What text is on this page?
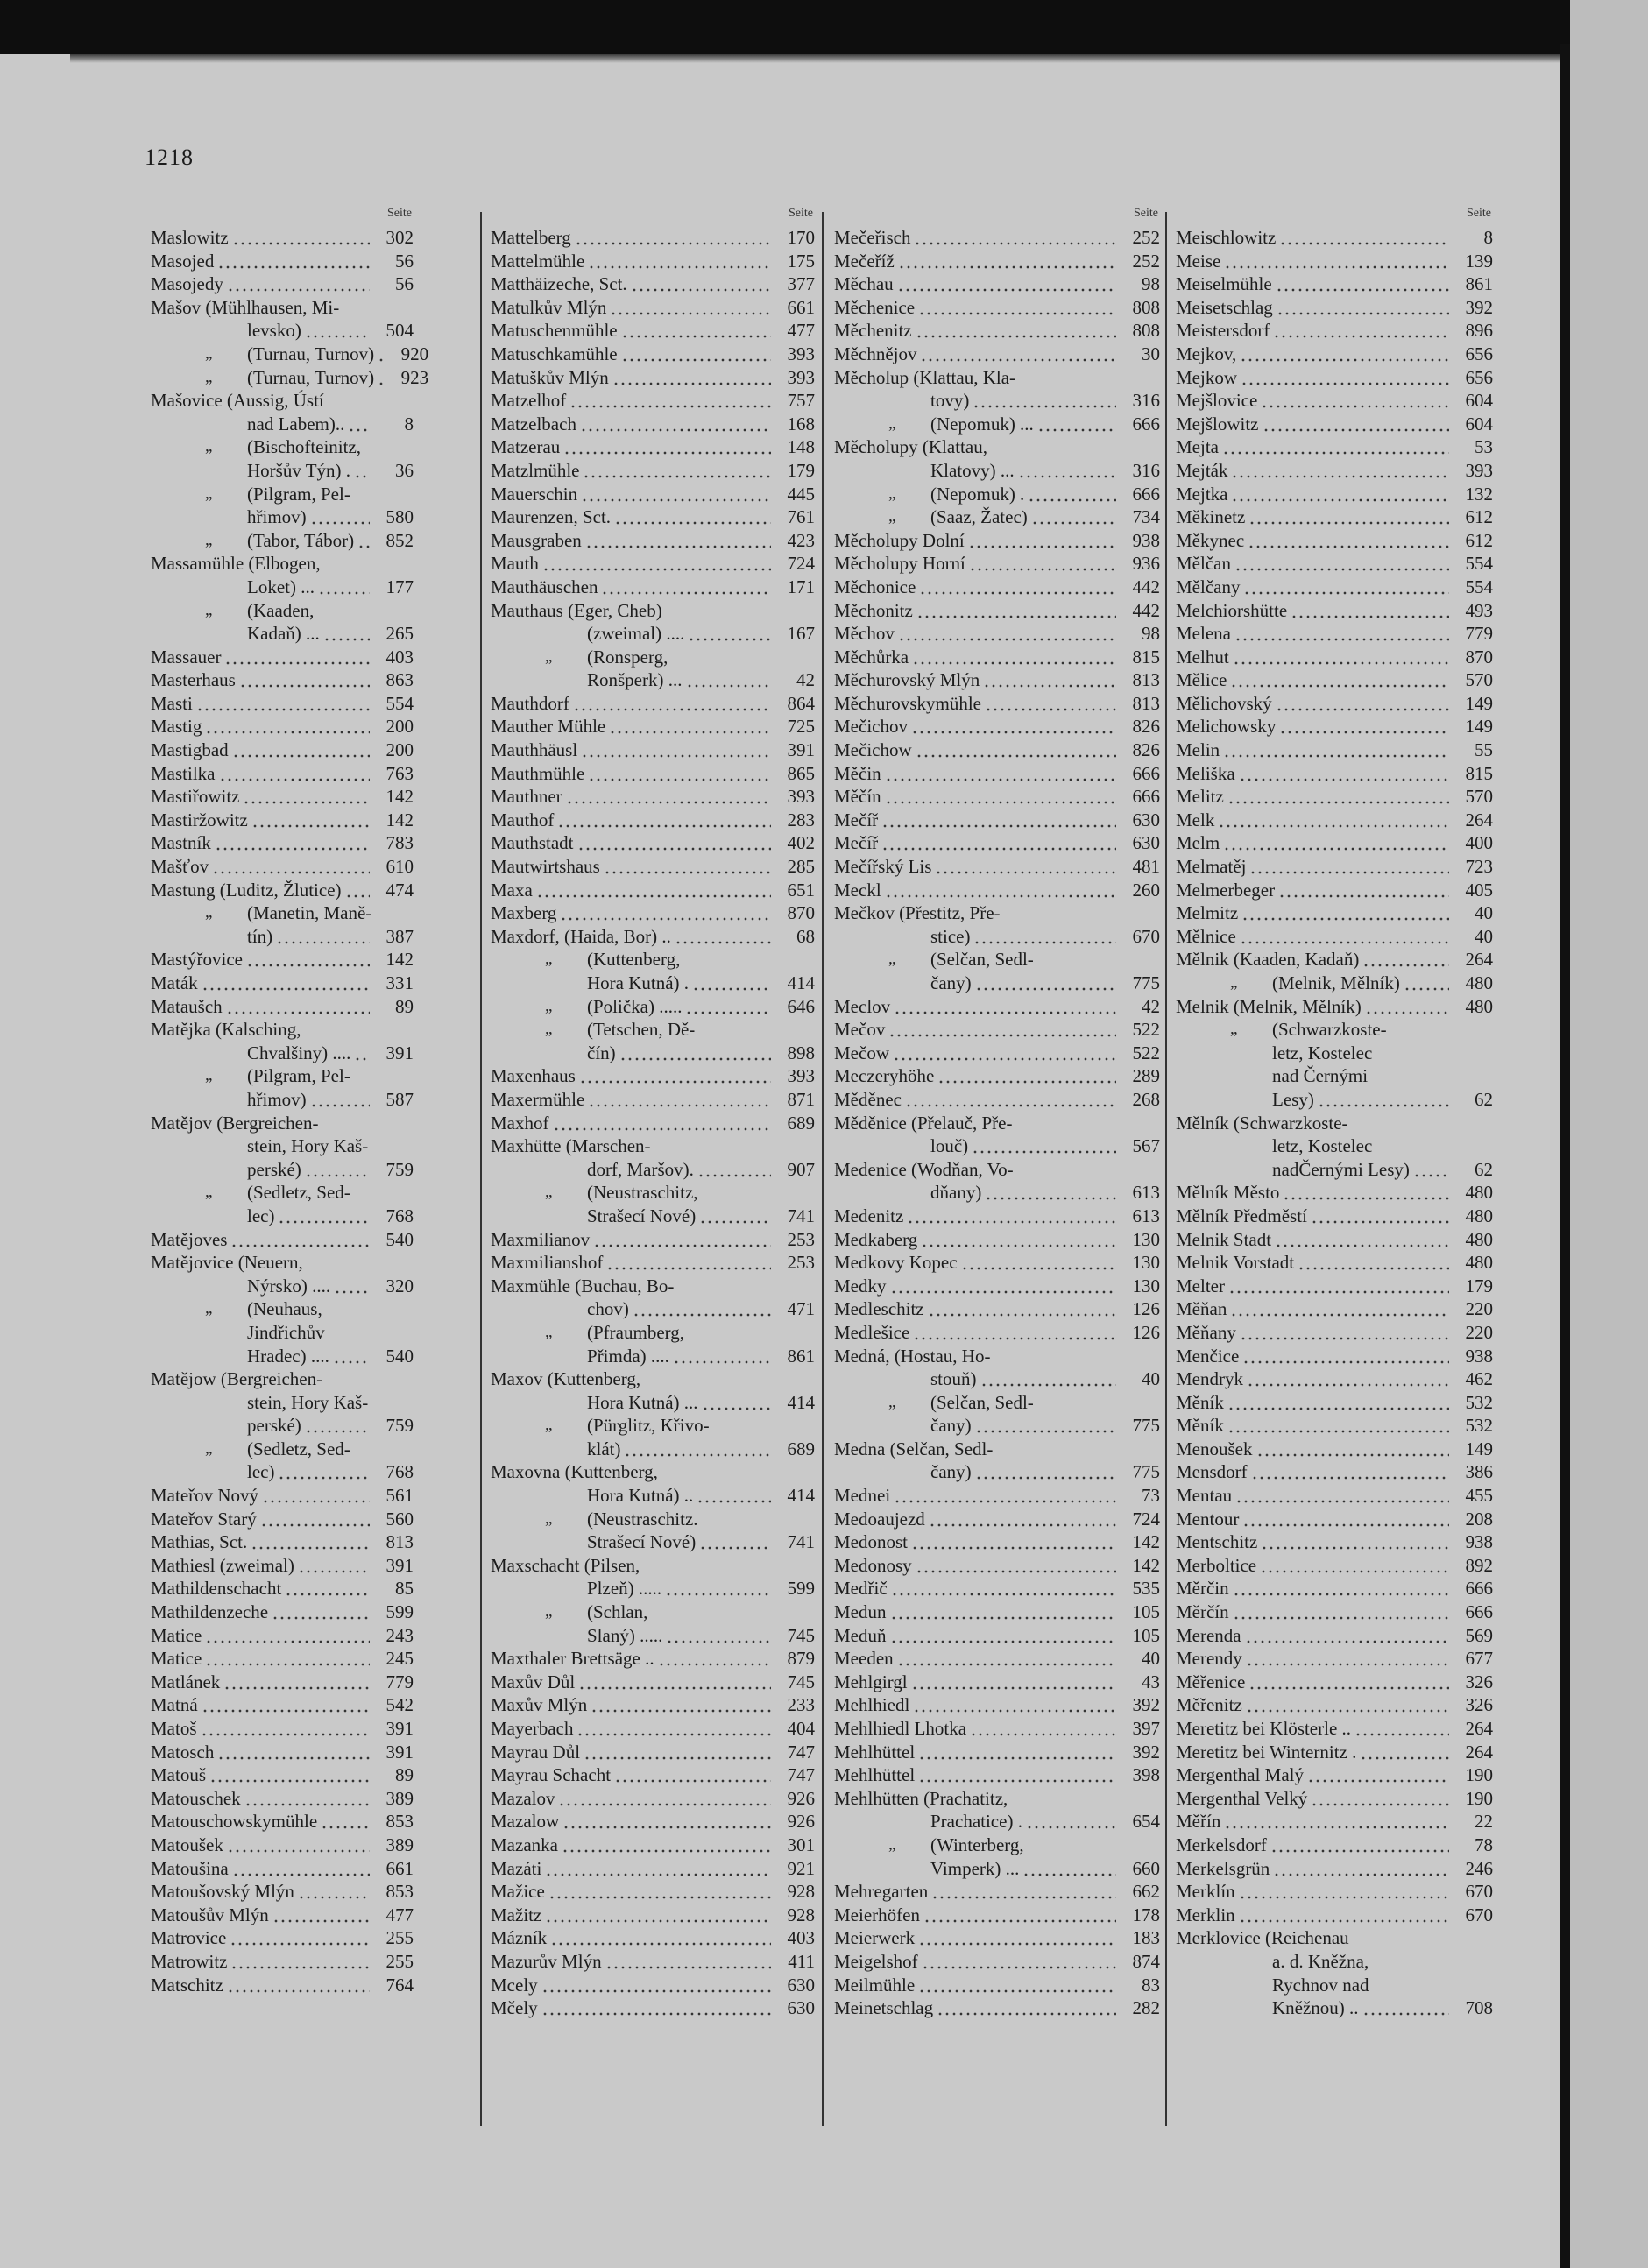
1218
Seite
Maslowitz	302
Masojed	56
Masojedy	56
Mašov (Mühlhausen, Mi-
levsko)	504
„ (Turnau, Turnov)	920
„ (Turnau, Turnov)	923
Mašovice (Aussig, Ústí
nad Labem)..	8
„ (Bischofteinitz,
Horšův Týn) .	36
„ (Pilgram, Pel-
hřimov)	580
„ (Tabor, Tábor)	852
Massamühle (Elbogen,
Loket) ...	177
„ (Kaaden,
Kadaň) ...	265
Massauer	403
Masterhaus	863
Masti	554
Mastig	200
Mastigbad	200
Mastilka	763
Mastiřowitz	142
Mastiržowitz	142
Mastník	783
Mašťov	610
Mastung (Luditz, Žlutice)	474
„ (Manetin, Maně-
tín)	387
Mastýřovice	142
Maták	331
Mataušch	89
Matějka (Kalsching,
Chvalšiny) ....	391
„ (Pilgram, Pel-
hřimov)	587
Matějov (Bergreichen-
stein, Hory Kaš-
perské)	759
„ (Sedletz, Sed-
lec)	768
Matějoves	540
Matějovice (Neuern,
Nýrsko) ....	320
„ (Neuhaus,
Jindřichův
Hradec) ....	540
Matějow (Bergreichen-
stein, Hory Kaš-
perské)	759
„ (Sedletz, Sed-
lec)	768
Mateřov Nový	561
Mateřov Starý	560
Mathias, Sct.	813
Mathiesl (zweimal)	391
Mathildenschacht	85
Mathildenzeche	599
Matice	243
Matice	245
Matlánek	779
Matná	542
Matoš	391
Matosch	391
Matouš	89
Matouschek	389
Matouschowskymühle	853
Matoušek	389
Matoušina	661
Matoušovský Mlýn	853
Matoušův Mlýn	477
Matrovice	255
Matrowitz	255
Matschitz	764
Seite
Mattelberg	170
Mattelmühle	175
Matthäizeche, Sct.	377
Matulkův Mlýn	661
Matuschenmühle	477
Matuschkamühle	393
Matuškův Mlýn	393
Matzelhof	757
Matzelbach	168
Matzerau	148
Matzlmühle	179
Mauerschin	445
Maurenzen, Sct.	761
Mausgraben	423
Mauth	724
Mauthäuschen	171
Mauthaus (Eger, Cheb)
(zweimal) ....	167
„ (Ronsperg,
Ronšperk) ...	42
Mauthdorf	864
Mauther Mühle	725
Mauthhäusl	391
Mauthmühle	865
Mauthner	393
Mauthof	283
Mauthstadt	402
Mautwirtshaus	285
Maxa	651
Maxberg	870
Maxdorf, (Haida, Bor) ..	68
„ (Kuttenberg,
Hora Kutná) .	414
„ (Polička) .....	646
„ (Tetschen, Dě-
čín)	898
Maxenhaus	393
Maxermühle	871
Maxhof	689
Maxhütte (Marschen-
dorf, Maršov).	907
„ (Neustraschitz,
Strašecí Nové)	741
Maxmilianov	253
Maxmilianshof	253
Maxmühle (Buchau, Bo-
chov)	471
„ (Pfraumberg,
Přimda) ....	861
Maxov (Kuttenberg,
Hora Kutná) ...	414
„ (Pürglitz, Křivo-
klát)	689
Maxovna (Kuttenberg,
Hora Kutná) ..	414
„ (Neustraschitz.
Strašecí Nové)	741
Maxschacht (Pilsen,
Plzeň) .....	599
„ (Schlan,
Slaný) .....	745
Maxthaler Brettsäge ..	879
Maxův Důl	745
Maxův Mlýn	233
Mayerbach	404
Mayrau Důl	747
Mayrau Schacht	747
Mazalov	926
Mazalow	926
Mazanka	301
Mazáti	921
Mažice	928
Mažitz	928
Mázník	403
Mazurův Mlýn	411
Mcely	630
Mčely	630
Seite
Mečeřisch	252
Mečeříž	252
Měchau	98
Měchenice	808
Měchenitz	808
Měchnějov	30
Měcholup (Klattau, Kla-
tovy)	316
„ (Nepomuk) ...	666
Měcholupy (Klattau,
Klatovy) ...	316
„ (Nepomuk) .	666
„ (Saaz, Žatec)	734
Měcholupy Dolní	938
Měcholupy Horní	936
Měchonice	442
Měchonitz	442
Měchov	98
Měchůrka	815
Měchurovský Mlýn	813
Měchurovskymühle	813
Mečichov	826
Mečichow	826
Měčin	666
Měčín	666
Mečíř	630
Mečíř	630
Mečířský Lis	481
Meckl	260
Mečkov (Přestitz, Pře-
stice)	670
„ (Selčan, Sedl-
čany)	775
Meclov	42
Mečov	522
Mečow	522
Meczeryhöhe	289
Měděnec	268
Měděnice (Přelauč, Pře-
louč)	567
Medenice (Wodňan, Vo-
dňany)	613
Medenitz	613
Medkaberg	130
Medkovy Kopec	130
Medky	130
Medleschitz	126
Medlešice	126
Medná, (Hostau, Ho-
stouň)	40
„ (Selčan, Sedl-
čany)	775
Medna (Selčan, Sedl-
čany)	775
Mednei	73
Medoaujezd	724
Medonost	142
Medonosy	142
Medřič	535
Medun	105
Meduň	105
Meeden	40
Mehlgirgl	43
Mehlhiedl	392
Mehlhiedl Lhotka	397
Mehlhüttel	392
Mehlhüttel	398
Mehlhütten (Prachatitz,
Prachatice) .	654
„ (Winterberg,
Vimperk) ...	660
Mehregarten	662
Meierhöfen	178
Meierwerk	183
Meigelshof	874
Meilmühle	83
Meinetschlag	282
Seite
Meischlowitz	8
Meise	139
Meiselmühle	861
Meisetschlag	392
Meistersdorf	896
Mejkov,	656
Mejkow	656
Mejšlovice	604
Mejšlowitz	604
Mejta	53
Mejták	393
Mejtka	132
Měkinetz	612
Měkynec	612
Mělčan	554
Mělčany	554
Melchiorshütte	493
Melena	779
Melhut	870
Mělice	570
Mělichovský	149
Melichowsky	149
Melin	55
Meliška	815
Melitz	570
Melk	264
Melm	400
Melmatěj	723
Melmerbeger	405
Melmitz	40
Mělnice	40
Mělnik (Kaaden, Kadaň)	264
„ (Melnik, Mělník)	480
Melnik (Melnik, Mělník)	480
„ (Schwarzkoste-
letz, Kostelec
nad Černými
Lesy)	62
Mělník (Schwarzkoste-
letz, Kostelec
nadČernými Lesy)	62
Mělník Město	480
Mělník Předměstí	480
Melnik Stadt	480
Melnik Vorstadt	480
Melter	179
Měňan	220
Měňany	220
Menčice	938
Mendryk	462
Měník	532
Měník	532
Menoušek	149
Mensdorf	386
Mentau	455
Mentour	208
Mentschitz	938
Merboltice	892
Měrčin	666
Měrčín	666
Merenda	569
Merendy	677
Měřenice	326
Měřenitz	326
Meretitz bei Klösterle ..	264
Meretitz bei Winternitz .	264
Mergenthal Malý	190
Mergenthal Velký	190
Měřín	22
Merkelsdorf	78
Merkelsgrün	246
Merklín	670
Merklin	670
Merklovice (Reichenau
a. d. Kněžna,
Rychnov nad
Kněžnou) ..	708
